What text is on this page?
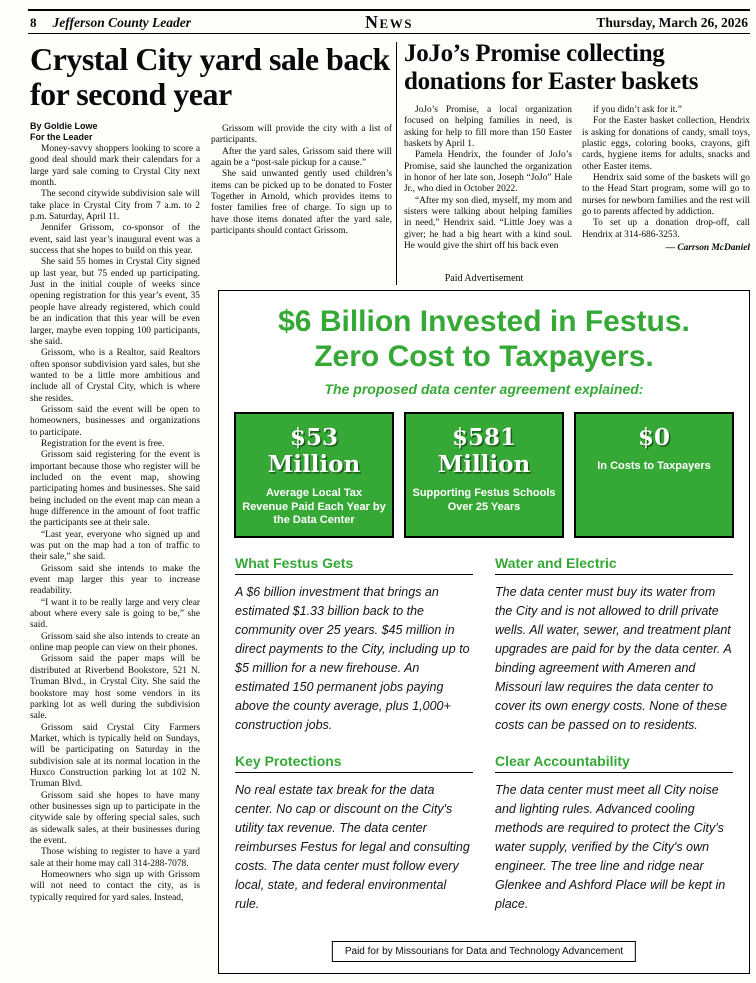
8 Jefferson County Leader	News	Thursday, March 26, 2026
Crystal City yard sale back for second year
By Goldie Lowe
For the Leader

Money-savvy shoppers looking to score a good deal should mark their calendars for a large yard sale coming to Crystal City next month.

The second citywide subdivision sale will take place in Crystal City from 7 a.m. to 2 p.m. Saturday, April 11.

Jennifer Grissom, co-sponsor of the event, said last year’s inaugural event was a success that she hopes to build on this year.

She said 55 homes in Crystal City signed up last year, but 75 ended up participating. Just in the initial couple of weeks since opening registration for this year’s event, 35 people have already registered, which could be an indication that this year will be even larger, maybe even topping 100 participants, she said.

Grissom, who is a Realtor, said Realtors often sponsor subdivision yard sales, but she wanted to be a little more ambitious and include all of Crystal City, which is where she resides.

Grissom said the event will be open to homeowners, businesses and organizations to participate.

Registration for the event is free.

Grissom said registering for the event is important because those who register will be included on the event map, showing participating homes and businesses. She said being included on the event map can mean a huge difference in the amount of foot traffic the participants see at their sale.

“Last year, everyone who signed up and was put on the map had a ton of traffic to their sale,” she said.

Grissom said she intends to make the event map larger this year to increase readability.

“I want it to be really large and very clear about where every sale is going to be,” she said.

Grissom said she also intends to create an online map people can view on their phones.

Grissom said the paper maps will be distributed at Riverbend Bookstore, 521 N. Truman Blvd., in Crystal City. She said the bookstore may host some vendors in its parking lot as well during the subdivision sale.

Grissom said Crystal City Farmers Market, which is typically held on Sundays, will be participating on Saturday in the subdivision sale at its normal location in the Huxco Construction parking lot at 102 N. Truman Blvd.

Grissom said she hopes to have many other businesses sign up to participate in the citywide sale by offering special sales, such as sidewalk sales, at their businesses during the event.

Those wishing to register to have a yard sale at their home may call 314-288-7078.

Homeowners who sign up with Grissom will not need to contact the city, as is typically required for yard sales. Instead,

Grissom will provide the city with a list of participants.

After the yard sales, Grissom said there will again be a “post-sale pickup for a cause.”

She said unwanted gently used children’s items can be picked up to be donated to Foster Together in Arnold, which provides items to foster families free of charge. To sign up to have those items donated after the yard sale, participants should contact Grissom.

JoJo’s Promise collecting donations for Easter baskets

JoJo’s Promise, a local organization focused on helping families in need, is asking for help to fill more than 150 Easter baskets by April 1.

Pamela Hendrix, the founder of JoJo’s Promise, said she launched the organization in honor of her late son, Joseph “JoJo” Hale Jr., who died in October 2022.

“After my son died, myself, my mom and sisters were talking about helping families in need,” Hendrix said. “Little Joey was a giver; he had a big heart with a kind soul. He would give the shirt off his back even

if you didn’t ask for it.”

For the Easter basket collection, Hendrix is asking for donations of candy, small toys, plastic eggs, coloring books, crayons, gift cards, hygiene items for adults, snacks and other Easter items.

Hendrix said some of the baskets will go to the Head Start program, some will go to nurses for newborn families and the rest will go to parents affected by addiction.

To set up a donation drop-off, call Hendrix at 314-686-3253.

— Carrson McDaniel

Paid Advertisement
$6 Billion Invested in Festus.
Zero Cost to Taxpayers.
The proposed data center agreement explained:
$53 Million
Average Local Tax Revenue Paid Each Year by the Data Center
$581 Million
Supporting Festus Schools Over 25 Years
$0
In Costs to Taxpayers
What Festus Gets

A $6 billion investment that brings an estimated $1.33 billion back to the community over 25 years. $45 million in direct payments to the City, including up to $5 million for a new firehouse. An estimated 150 permanent jobs paying above the county average, plus 1,000+ construction jobs.

Water and Electric

The data center must buy its water from the City and is not allowed to drill private wells. All water, sewer, and treatment plant upgrades are paid for by the data center. A binding agreement with Ameren and Missouri law requires the data center to cover its own energy costs. None of these costs can be passed on to residents.

Key Protections

No real estate tax break for the data center. No cap or discount on the City's utility tax revenue. The data center reimburses Festus for legal and consulting costs. The data center must follow every local, state, and federal environmental rule.

Clear Accountability

The data center must meet all City noise and lighting rules. Advanced cooling methods are required to protect the City's water supply, verified by the City's own engineer. The tree line and ridge near Glenkee and Ashford Place will be kept in place.

Paid for by Missourians for Data and Technology Advancement
